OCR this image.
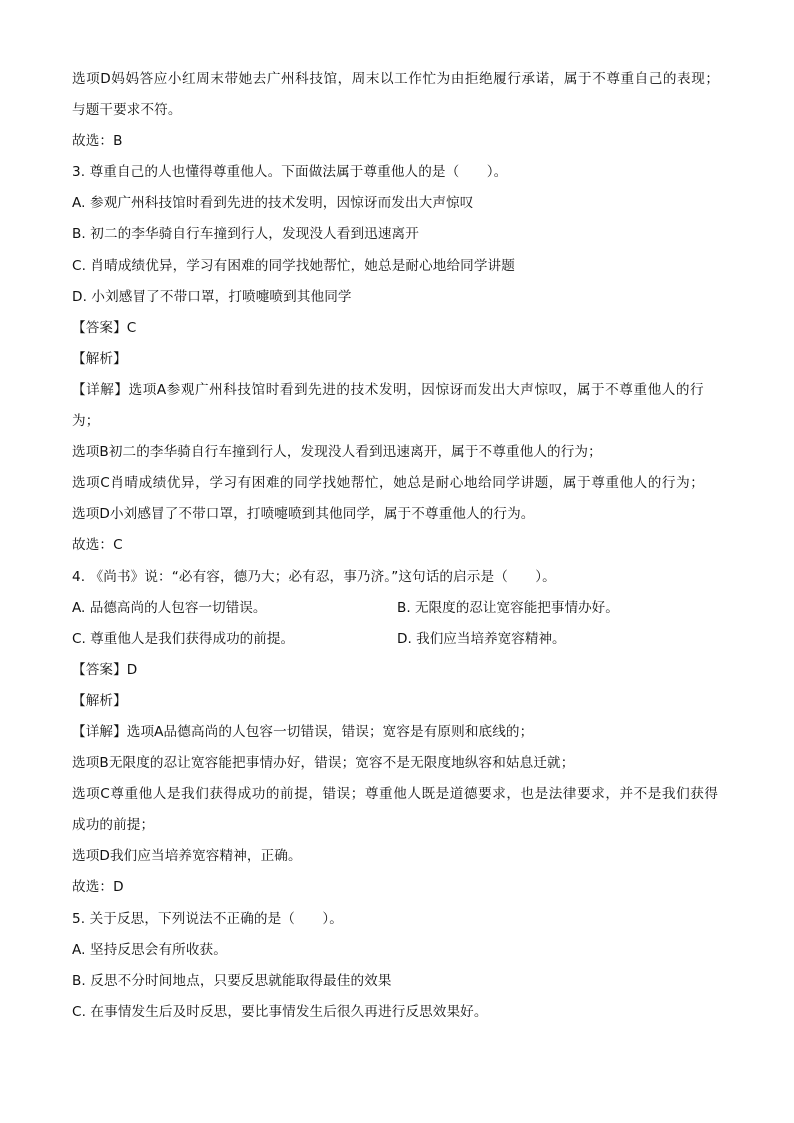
选项D妈妈答应小红周末带她去广州科技馆，周末以工作忙为由拒绝履行承诺，属于不尊重自己的表现；
与题干要求不符。
故选：B
3. 尊重自己的人也懂得尊重他人。下面做法属于尊重他人的是（　　）。
A. 参观广州科技馆时看到先进的技术发明，因惊讶而发出大声惊叹
B. 初二的李华骑自行车撞到行人，发现没人看到迅速离开
C. 肖晴成绩优异，学习有困难的同学找她帮忙，她总是耐心地给同学讲题
D. 小刘感冒了不带口罩，打喷嚏喷到其他同学
【答案】C
【解析】
【详解】选项A参观广州科技馆时看到先进的技术发明，因惊讶而发出大声惊叹，属于不尊重他人的行
为；
选项B初二的李华骑自行车撞到行人，发现没人看到迅速离开，属于不尊重他人的行为；
选项C肖晴成绩优异，学习有困难的同学找她帮忙，她总是耐心地给同学讲题，属于尊重他人的行为；
选项D小刘感冒了不带口罩，打喷嚏喷到其他同学，属于不尊重他人的行为。
故选：C
4. 《尚书》说：“必有容，德乃大；必有忍，事乃济。”这句话的启示是（　　）。
A. 品德高尚的人包容一切错误。	B. 无限度的忍让宽容能把事情办好。
C. 尊重他人是我们获得成功的前提。	D. 我们应当培养宽容精神。
【答案】D
【解析】
【详解】选项A品德高尚的人包容一切错误，错误；宽容是有原则和底线的；
选项B无限度的忍让宽容能把事情办好，错误；宽容不是无限度地纵容和姑息迁就；
选项C尊重他人是我们获得成功的前提，错误；尊重他人既是道德要求，也是法律要求，并不是我们获得
成功的前提；
选项D我们应当培养宽容精神，正确。
故选：D
5. 关于反思，下列说法不正确的是（　　）。
A. 坚持反思会有所收获。
B. 反思不分时间地点，只要反思就能取得最佳的效果
C. 在事情发生后及时反思，要比事情发生后很久再进行反思效果好。
